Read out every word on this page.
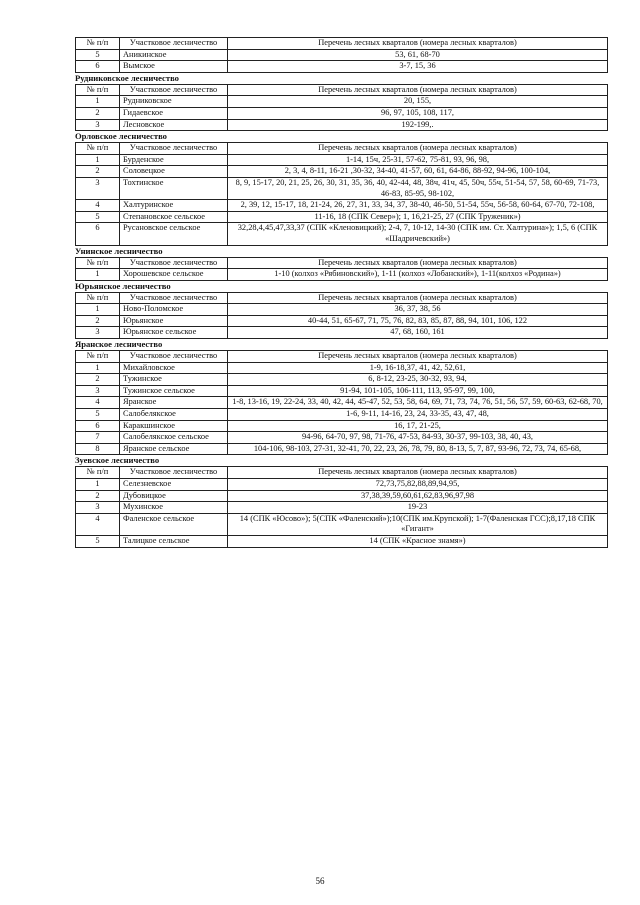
№ п/п	Участковое лесничество	Перечень лесных кварталов (номера лесных кварталов)
5	Аникинское	53, 61, 68-70
6	Вымское	3-7, 15, 36
Рудниковское лесничество
№ п/п	Участковое лесничество	Перечень лесных кварталов (номера лесных кварталов)
1	Рудниковское	20, 155,
2	Гидаевское	96, 97, 105, 108, 117,
3	Лесновское	192-199,.
Орловское лесничество
№ п/п	Участковое лесничество	Перечень лесных кварталов (номера лесных кварталов)
1	Бурденское	1-14, 15ч, 25-31, 57-62, 75-81, 93, 96, 98,
2	Соловецкое	2, 3, 4, 8-11, 16-21 ,30-32, 34-40, 41-57, 60, 61, 64-86, 88-92, 94-96, 100-104,
3	Тохтинское	8, 9, 15-17, 20, 21, 25, 26, 30, 31, 35, 36, 40, 42-44, 48, 38ч, 41ч, 45, 50ч, 55ч, 51-54, 57, 58, 60-69, 71-73, 46-83, 85-95, 98-102,
4	Халтуринское	2, 39, 12, 15-17, 18, 21-24, 26, 27, 31, 33, 34, 37, 38-40, 46-50, 51-54, 55ч, 56-58, 60-64, 67-70, 72-108,
5	Степановское сельское	11-16, 18 (СПК Север»); 1, 16,21-25, 27 (СПК Труженик»)
6	Русановское сельское	32,28,4,45,47,33,37 (СПК «Кленовицкий); 2-4, 7, 10-12, 14-30 (СПК им. Ст. Халтурина»); 1,5, 6 (СПК «Шадричевский»)
Унинское лесничество
№ п/п	Участковое лесничество	Перечень лесных кварталов (номера лесных кварталов)
1	Хорошевское сельское	1-10 (колхоз «Рябиновский»), 1-11 (колхоз «Лобанский»), 1-11(колхоз «Родина»)
Юрьянское лесничество
№ п/п	Участковое лесничество	Перечень лесных кварталов (номера лесных кварталов)
1	Ново-Поломское	36, 37, 38, 56
2	Юрьянское	40-44, 51, 65-67, 71, 75, 76, 82, 83, 85, 87, 88, 94, 101, 106, 122
3	Юрьянское сельское	47, 68, 160, 161
Яранское лесничество
№ п/п	Участковое лесничество	Перечень лесных кварталов (номера лесных кварталов)
1	Михайловское	1-9, 16-18,37, 41, 42, 52,61,
2	Тужинское	6, 8-12, 23-25, 30-32, 93, 94,
3	Тужинское сельское	91-94, 101-105, 106-111, 113, 95-97, 99, 100,
4	Яранское	1-8, 13-16, 19, 22-24, 33, 40, 42, 44, 45-47, 52, 53, 58, 64, 69, 71, 73, 74, 76, 51, 56, 57, 59, 60-63, 62-68, 70,
5	Салобелякское	1-6, 9-11, 14-16, 23, 24, 33-35, 43, 47, 48,
6	Каракшинское	16, 17, 21-25,
7	Салобелякское сельское	94-96, 64-70, 97, 98, 71-76, 47-53, 84-93, 30-37, 99-103, 38, 40, 43,
8	Яранское сельское	104-106, 98-103, 27-31, 32-41, 70, 22, 23, 26, 78, 79, 80, 8-13, 5, 7, 87, 93-96, 72, 73, 74, 65-68,
Зуевское лесничество
№ п/п	Участковое лесничество	Перечень лесных кварталов (номера лесных кварталов)
1	Селезневское	72,73,75,82,88,89,94,95,
2	Дубовицкое	37,38,39,59,60,61,62,83,96,97,98
3	Мухинское	19-23
4	Фаленское сельское	14 (СПК «Юсово»); 5(СПК «Фаленский»);10(СПК им.Крупской); 1-7(Фаленская ГСС);8,17,18 СПК «Гигант»
5	Талицкое сельское	14 (СПК «Красное знамя»)
56
